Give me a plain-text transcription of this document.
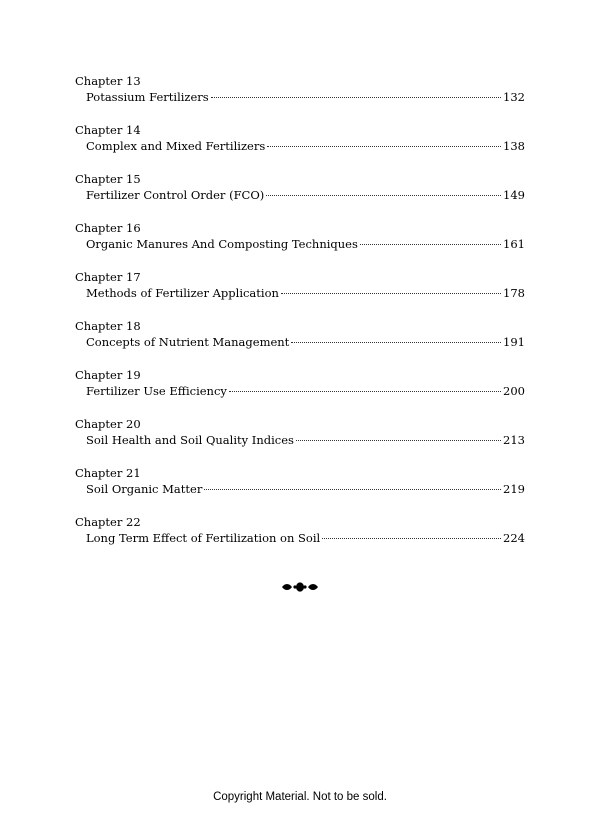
Chapter 13
Potassium Fertilizers	132
Chapter 14
Complex and Mixed Fertilizers	138
Chapter 15
Fertilizer Control Order (FCO)	149
Chapter 16
Organic Manures And Composting Techniques	161
Chapter 17
Methods of Fertilizer Application	178
Chapter 18
Concepts of Nutrient Management	191
Chapter 19
Fertilizer Use Efficiency	200
Chapter 20
Soil Health and Soil Quality Indices	213
Chapter 21
Soil Organic Matter	219
Chapter 22
Long Term Effect of Fertilization on Soil	224
Copyright Material. Not to be sold.
